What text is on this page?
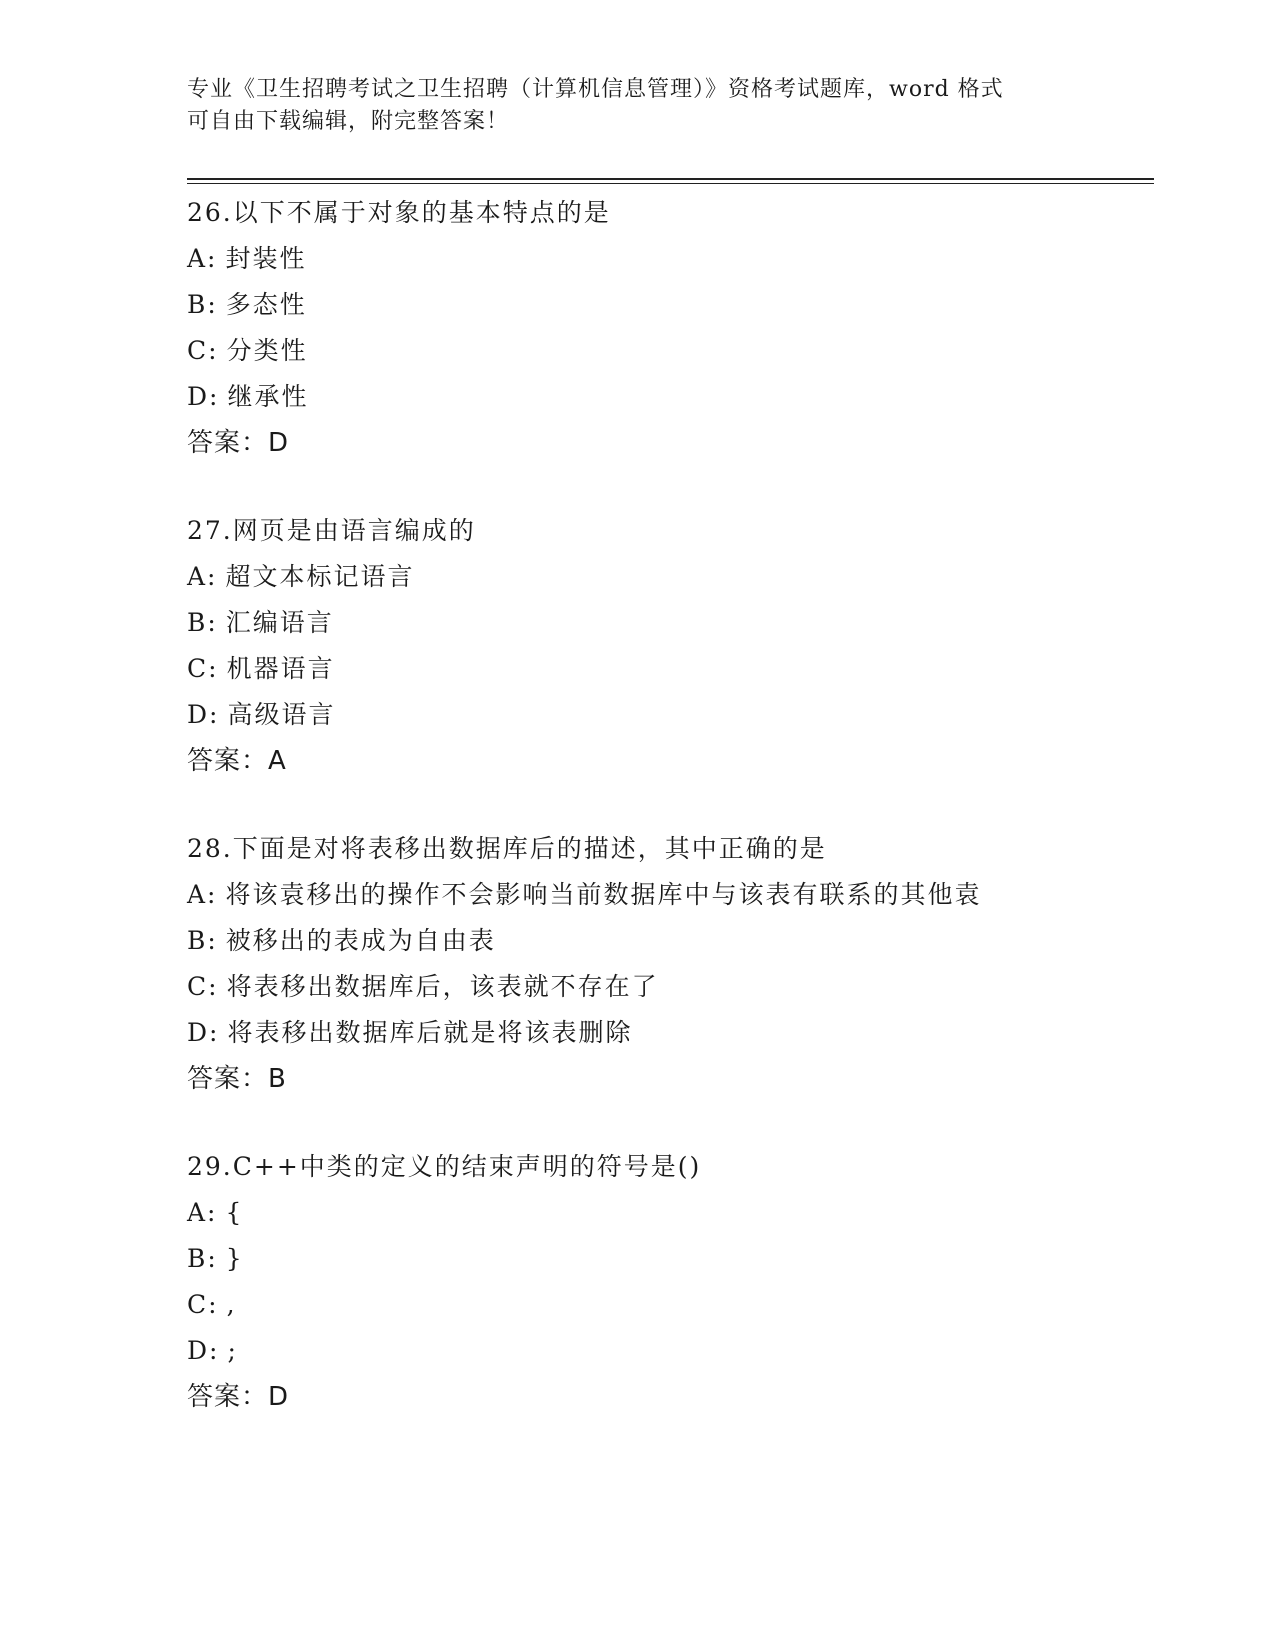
专业《卫生招聘考试之卫生招聘（计算机信息管理）》资格考试题库，word 格式
可自由下载编辑，附完整答案！
26.以下不属于对象的基本特点的是
A: 封装性
B: 多态性
C: 分类性
D: 继承性
答案：D
27.网页是由语言编成的
A: 超文本标记语言
B: 汇编语言
C: 机器语言
D: 高级语言
答案：A
28.下面是对将表移出数据库后的描述，其中正确的是
A: 将该袁移出的操作不会影响当前数据库中与该表有联系的其他袁
B: 被移出的表成为自由表
C: 将表移出数据库后，该表就不存在了
D: 将表移出数据库后就是将该表删除
答案：B
29.C++中类的定义的结束声明的符号是()
A: {
B: }
C: ,
D: ;
答案：D
